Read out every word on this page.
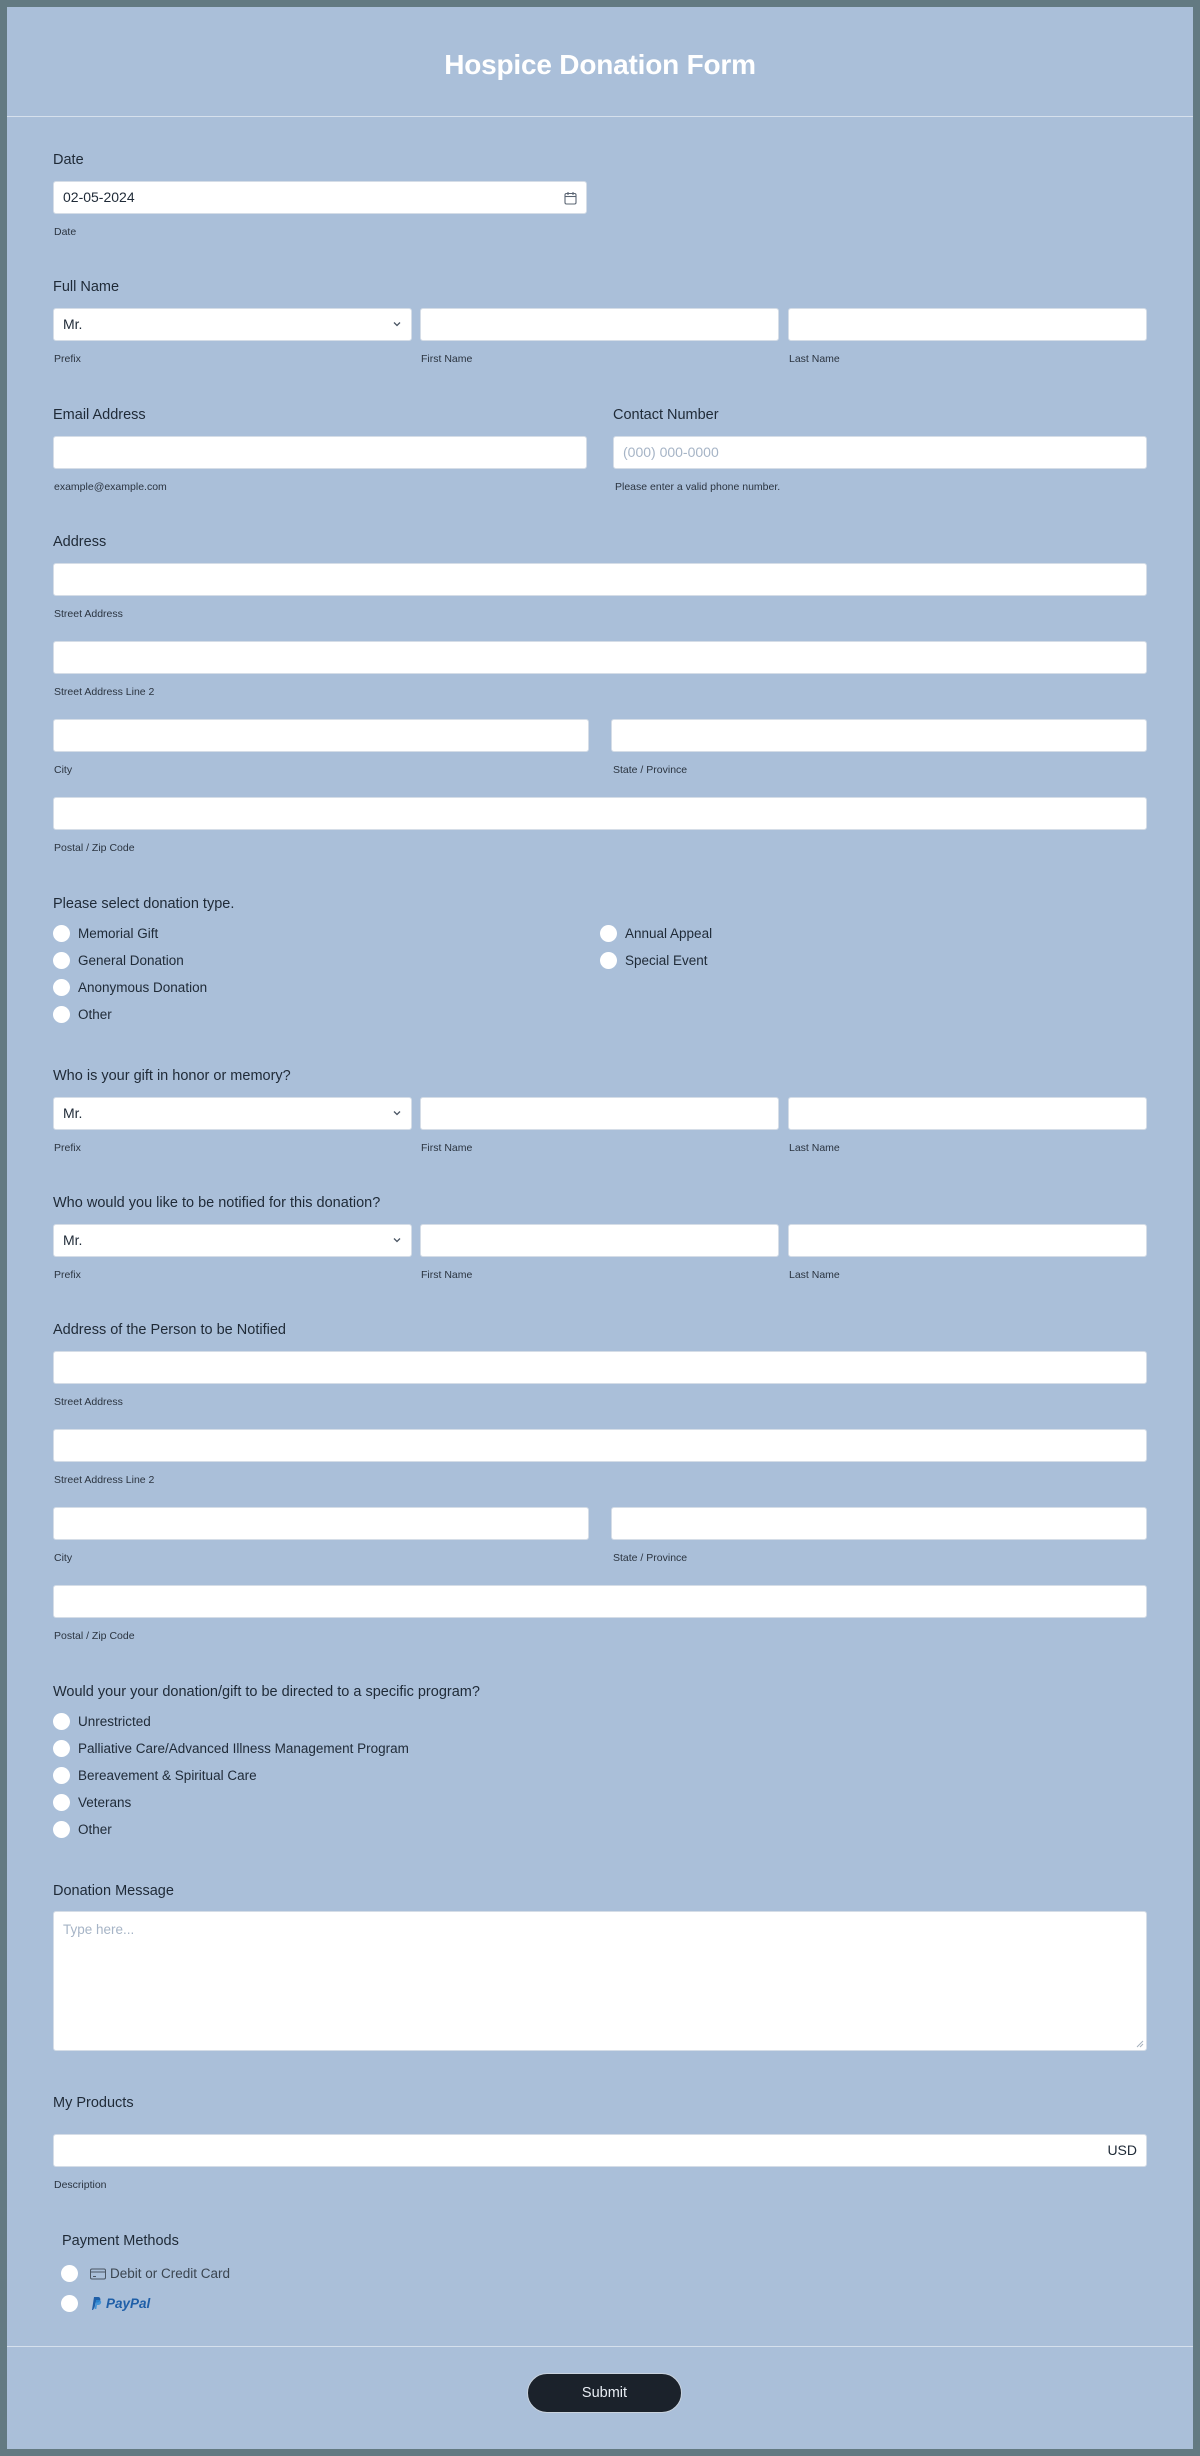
Hospice Donation Form
Date
02-05-2024
Date
Full Name
Mr.
Prefix	First Name	Last Name
Email Address
example@example.com
Contact Number
(000) 000-0000
Please enter a valid phone number.
Address
Street Address
Street Address Line 2
City	State / Province
Postal / Zip Code
Please select donation type.
Memorial Gift
General Donation
Anonymous Donation
Other
Annual Appeal
Special Event
Who is your gift in honor or memory?
Mr.
Prefix	First Name	Last Name
Who would you like to be notified for this donation?
Mr.
Prefix	First Name	Last Name
Address of the Person to be Notified
Street Address
Street Address Line 2
City	State / Province
Postal / Zip Code
Would your your donation/gift to be directed to a specific program?
Unrestricted
Palliative Care/Advanced Illness Management Program
Bereavement & Spiritual Care
Veterans
Other
Donation Message
Type here...
My Products
USD
Description
Payment Methods
Debit or Credit Card
PayPal
Submit
